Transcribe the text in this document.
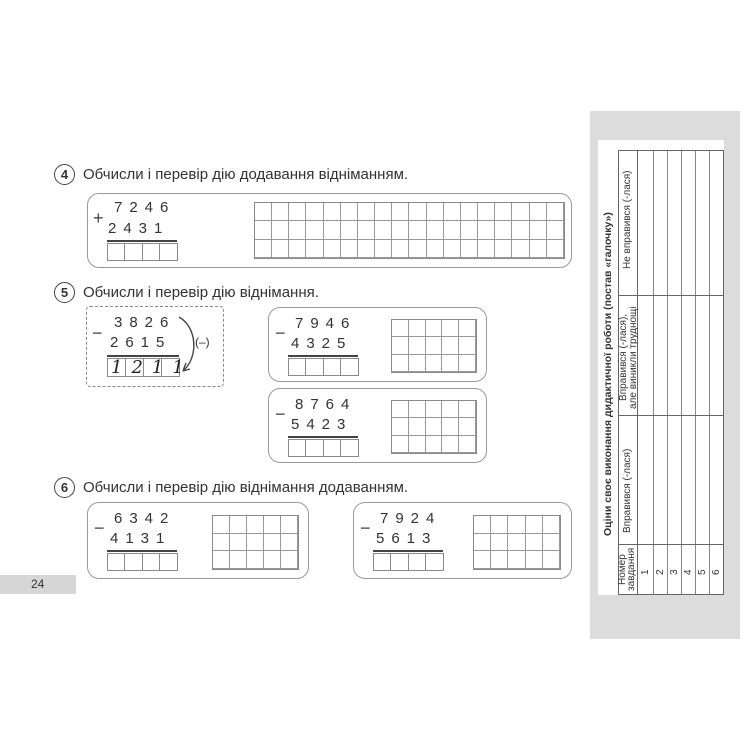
4 Обчисли і перевір дію додавання відніманням.
+
7246
2431
5 Обчисли і перевір дію віднімання.
−
3826
2615
1211
(–)	− 7946
4325
− 8764
5423
6 Обчисли і перевір дію віднімання додаванням.
− 6342
4131
− 7924
5613
24
Оціни своє виконання дидактичної роботи (постав «галочку») Не вправився (-лася)
Вправився (-лася), але виникли труднощі
Вправився (-лася)
Номер
завдання 1 2 3 4 5 6
